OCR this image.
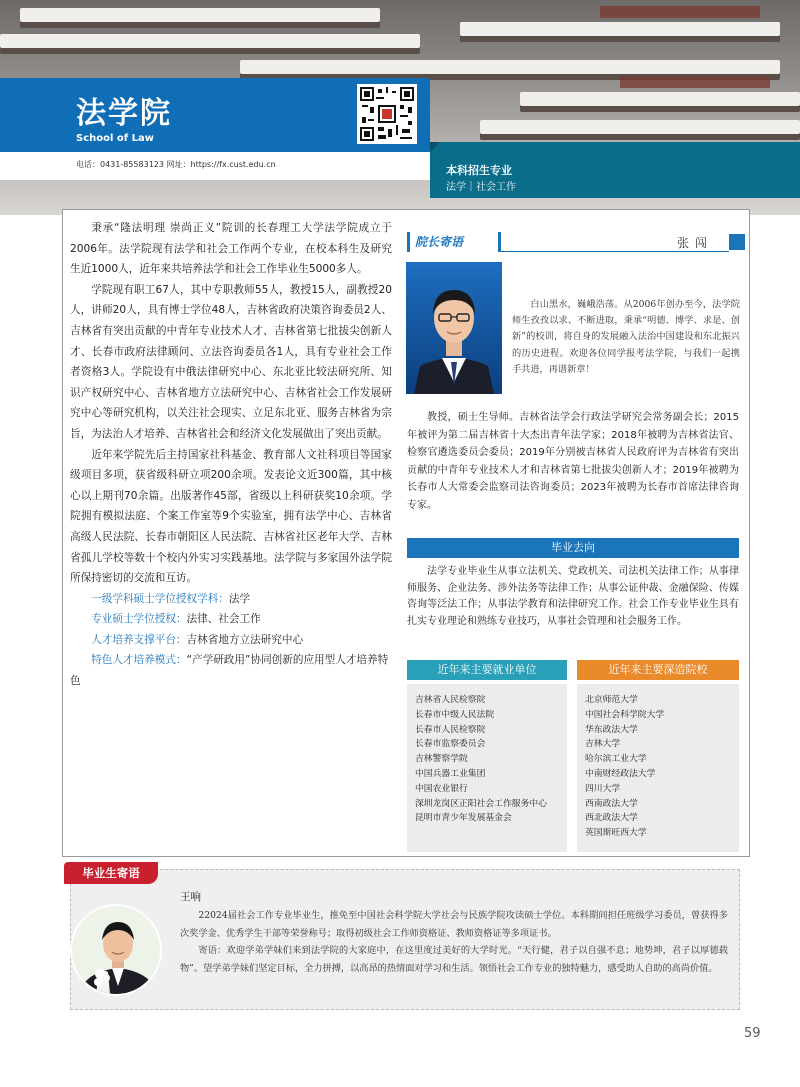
法学院
School of Law
电话：0431-85583123 网址：https://fx.cust.edu.cn	本科招生专业
法学｜社会工作

秉承“隆法明理 崇尚正义”院训的长春理工大学法学院成立于2006年。法学院现有法学和社会工作两个专业，在校本科生及研究生近1000人，近年来共培养法学和社会工作毕业生5000多人。

学院现有职工67人，其中专职教师55人，教授15人，副教授20人，讲师20人，具有博士学位48人，吉林省政府决策咨询委员2人、吉林省有突出贡献的中青年专业技术人才、吉林省第七批拔尖创新人才、长春市政府法律顾问、立法咨询委员各1人，具有专业社会工作者资格3人。学院设有中俄法律研究中心、东北亚比较法研究所、知识产权研究中心、吉林省地方立法研究中心、吉林省社会工作发展研究中心等研究机构，以关注社会现实、立足东北亚、服务吉林省为宗旨，为法治人才培养、吉林省社会和经济文化发展做出了突出贡献。

近年来学院先后主持国家社科基金、教育部人文社科项目等国家级项目多项，获省级科研立项200余项。发表论文近300篇，其中核心以上期刊70余篇。出版著作45部，省级以上科研获奖10余项。学院拥有模拟法庭、个案工作室等9个实验室，拥有法学中心、吉林省高级人民法院、长春市朝阳区人民法院、吉林省社区老年大学、吉林省孤儿学校等数十个校内外实习实践基地。法学院与多家国外法学院所保持密切的交流和互访。

一级学科硕士学位授权学科：法学
专业硕士学位授权：法律、社会工作
人才培养支撑平台：吉林省地方立法研究中心
特色人才培养模式：“产学研政用”协同创新的应用型人才培养特色
院长寄语	张闯
白山黑水，巍峨浩荡。从2006年创办至今，法学院师生孜孜以求、不断进取，秉承“明德、博学、求是、创新”的校训，将自身的发展融入法治中国建设和东北振兴的历史进程。欢迎各位同学报考法学院，与我们一起携手共进，再谱新章！
教授，硕士生导师。吉林省法学会行政法学研究会常务副会长；2015年被评为第二届吉林省十大杰出青年法学家；2018年被聘为吉林省法官、检察官遴选委员会委员；2019年分别被吉林省人民政府评为吉林省有突出贡献的中青年专业技术人才和吉林省第七批拔尖创新人才；2019年被聘为长春市人大常委会监察司法咨询委员；2023年被聘为长春市首席法律咨询专家。
毕业去向
法学专业毕业生从事立法机关、党政机关、司法机关法律工作；从事律师服务、企业法务、涉外法务等法律工作；从事公证仲裁、金融保险、传媒咨询等泛法工作；从事法学教育和法律研究工作。社会工作专业毕业生具有扎实专业理论和熟练专业技巧，从事社会管理和社会服务工作。
近年来主要就业单位	近年来主要深造院校
吉林省人民检察院
长春市中级人民法院
长春市人民检察院
长春市监察委员会
吉林警察学院
中国兵器工业集团
中国农业银行
深圳龙岗区正阳社会工作服务中心
昆明市青少年发展基金会
北京师范大学
中国社会科学院大学
华东政法大学
吉林大学
哈尔滨工业大学
中南财经政法大学
四川大学
西南政法大学
西北政法大学
英国斯旺西大学
毕业生寄语
王响

22024届社会工作专业毕业生，推免至中国社会科学院大学社会与民族学院攻读硕士学位。本科期间担任班级学习委员，曾获得多次奖学金、优秀学生干部等荣誉称号；取得初级社会工作师资格证、教师资格证等多项证书。

寄语：欢迎学弟学妹们来到法学院的大家庭中，在这里度过美好的大学时光。“天行健，君子以自强不息；地势坤，君子以厚德载物”。望学弟学妹们坚定目标，全力拼搏，以高昂的热情面对学习和生活。领悟社会工作专业的独特魅力，感受助人自助的高尚价值。

59
